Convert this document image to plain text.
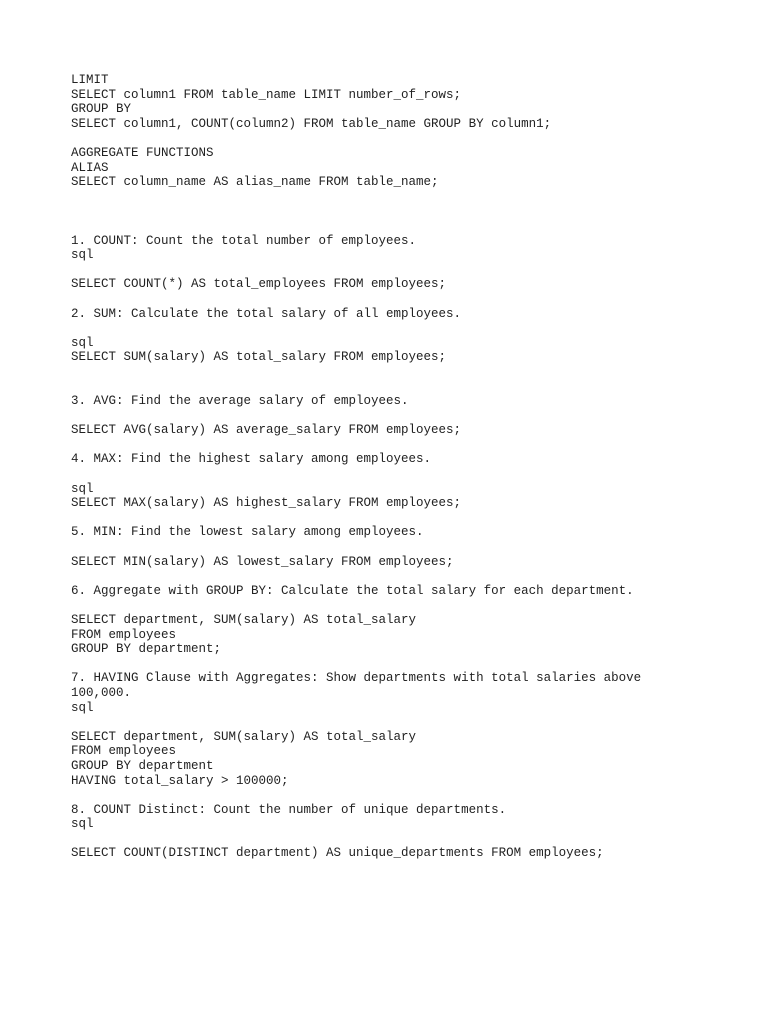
LIMIT
SELECT column1 FROM table_name LIMIT number_of_rows;
GROUP BY
SELECT column1, COUNT(column2) FROM table_name GROUP BY column1;
AGGREGATE FUNCTIONS
ALIAS
SELECT column_name AS alias_name FROM table_name;
1. COUNT: Count the total number of employees.
sql
SELECT COUNT(*) AS total_employees FROM employees;
2. SUM: Calculate the total salary of all employees.
sql
SELECT SUM(salary) AS total_salary FROM employees;
3. AVG: Find the average salary of employees.
SELECT AVG(salary) AS average_salary FROM employees;
4. MAX: Find the highest salary among employees.
sql
SELECT MAX(salary) AS highest_salary FROM employees;
5. MIN: Find the lowest salary among employees.
SELECT MIN(salary) AS lowest_salary FROM employees;
6. Aggregate with GROUP BY: Calculate the total salary for each department.
SELECT department, SUM(salary) AS total_salary
FROM employees
GROUP BY department;
7. HAVING Clause with Aggregates: Show departments with total salaries above
100,000.
sql
SELECT department, SUM(salary) AS total_salary
FROM employees
GROUP BY department
HAVING total_salary > 100000;
8. COUNT Distinct: Count the number of unique departments.
sql
SELECT COUNT(DISTINCT department) AS unique_departments FROM employees;
